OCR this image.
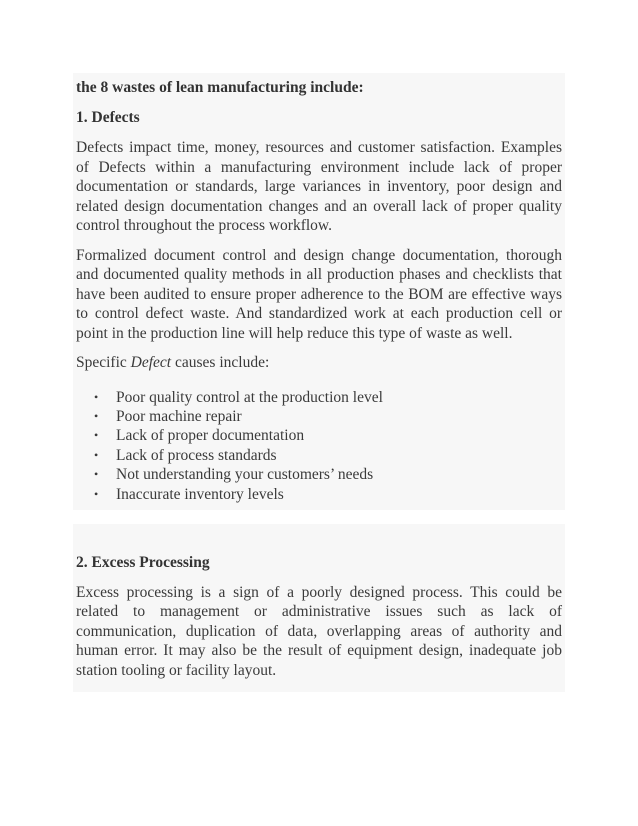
the 8 wastes of lean manufacturing include:

1. Defects

Defects impact time, money, resources and customer satisfaction. Examples of Defects within a manufacturing environment include lack of proper documentation or standards, large variances in inventory, poor design and related design documentation changes and an overall lack of proper quality control throughout the process workflow.

Formalized document control and design change documentation, thorough and documented quality methods in all production phases and checklists that have been audited to ensure proper adherence to the BOM are effective ways to control defect waste. And standardized work at each production cell or point in the production line will help reduce this type of waste as well.

Specific Defect causes include:

• Poor quality control at the production level
• Poor machine repair
• Lack of proper documentation
• Lack of process standards
• Not understanding your customers’ needs
• Inaccurate inventory levels

2. Excess Processing

Excess processing is a sign of a poorly designed process. This could be related to management or administrative issues such as lack of communication, duplication of data, overlapping areas of authority and human error. It may also be the result of equipment design, inadequate job station tooling or facility layout.
